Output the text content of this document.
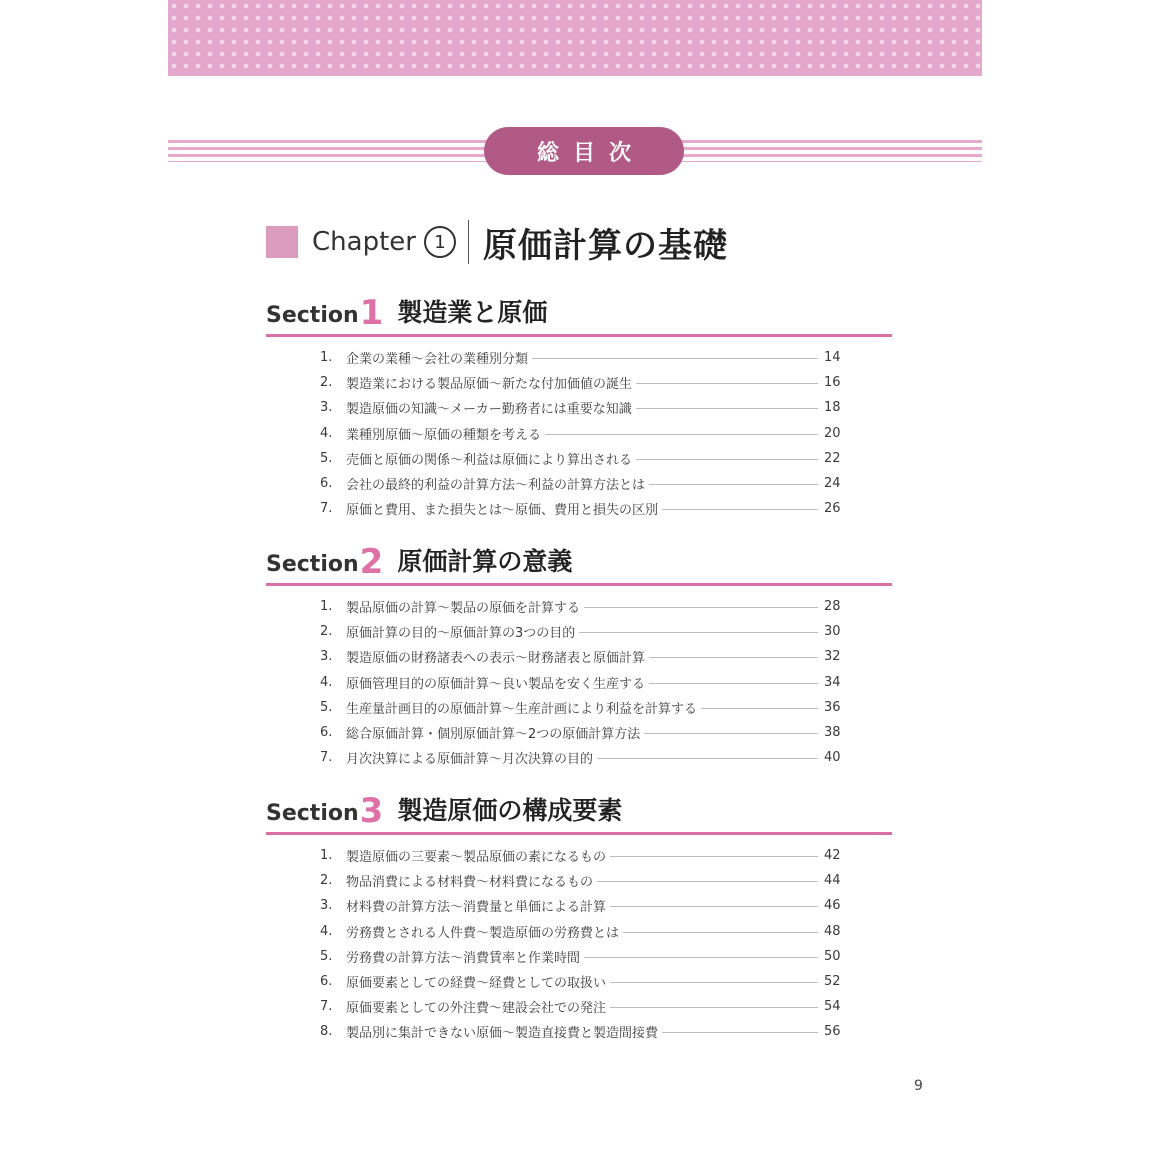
総目次
Chapter	1	原価計算の基礎
Section 1 製造業と原価
1.	企業の業種～会社の業種別分類	14
2.	製造業における製品原価～新たな付加価値の誕生	16
3.	製造原価の知識～メーカー勤務者には重要な知識	18
4.	業種別原価～原価の種類を考える	20
5.	売価と原価の関係～利益は原価により算出される	22
6.	会社の最終的利益の計算方法～利益の計算方法とは	24
7.	原価と費用、また損失とは～原価、費用と損失の区別	26
Section 2 原価計算の意義
1.	製品原価の計算～製品の原価を計算する	28
2.	原価計算の目的～原価計算の3つの目的	30
3.	製造原価の財務諸表への表示～財務諸表と原価計算	32
4.	原価管理目的の原価計算～良い製品を安く生産する	34
5.	生産量計画目的の原価計算～生産計画により利益を計算する	36
6.	総合原価計算・個別原価計算～2つの原価計算方法	38
7.	月次決算による原価計算～月次決算の目的	40
Section 3 製造原価の構成要素
1.	製造原価の三要素～製品原価の素になるもの	42
2.	物品消費による材料費～材料費になるもの	44
3.	材料費の計算方法～消費量と単価による計算	46
4.	労務費とされる人件費～製造原価の労務費とは	48
5.	労務費の計算方法～消費賃率と作業時間	50
6.	原価要素としての経費～経費としての取扱い	52
7.	原価要素としての外注費～建設会社での発注	54
8.	製品別に集計できない原価～製造直接費と製造間接費	56
9
